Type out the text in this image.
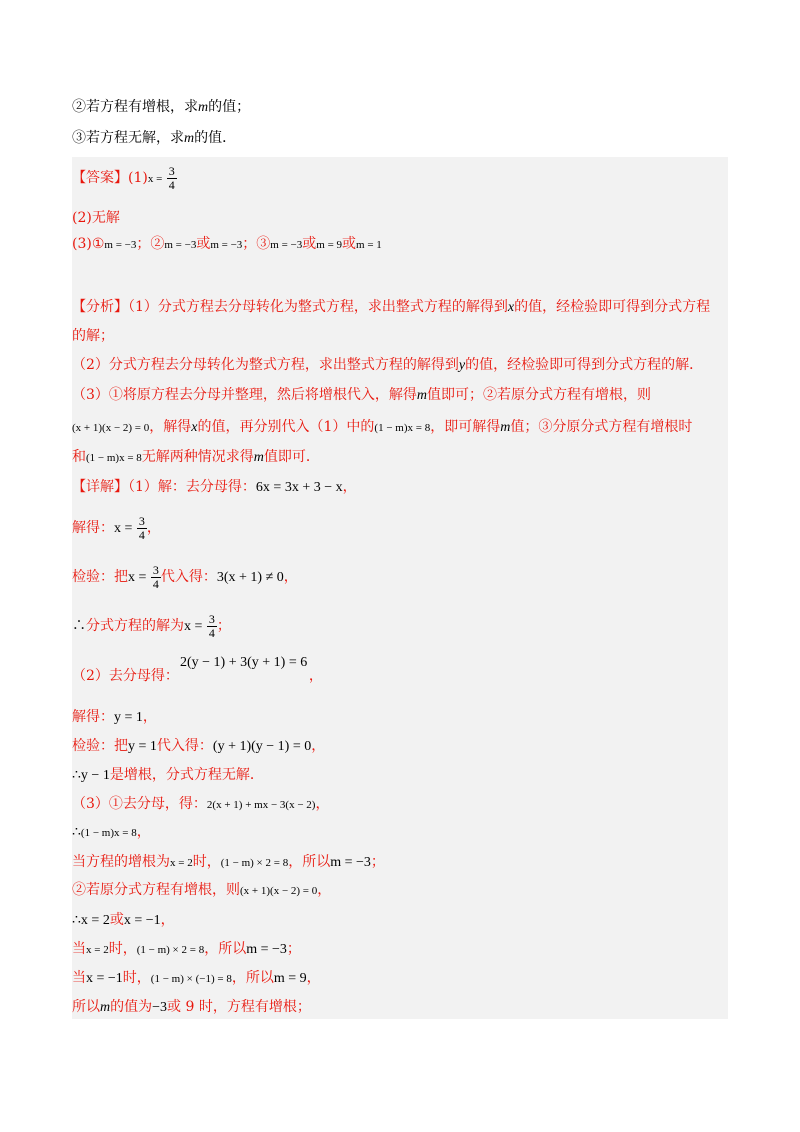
②若方程有增根，求m的值；
③若方程无解，求m的值．
【答案】$(1)x = \frac{3}{4}$
(2)无解
(3)①m = −3；②m = −3或m = −3；③m = −3或m = 9或m = 1
【分析】（1）分式方程去分母转化为整式方程，求出整式方程的解得到x的值，经检验即可得到分式方程
的解；
（2）分式方程去分母转化为整式方程，求出整式方程的解得到y的值，经检验即可得到分式方程的解．
（3）①将原方程去分母并整理，然后将增根代入，解得m值即可；②若原分式方程有增根，则
(x + 1)(x − 2) = 0，解得x的值，再分别代入（1）中的(1 − m)x = 8，即可解得m值；③分原分式方程有增根时
和(1 − m)x = 8无解两种情况求得m值即可．
【详解】（1）解：去分母得：6x = 3x + 3 − x，
解得：$x = \frac{3}{4}$ ，
检验：把$x = \frac{3}{4}$ 代入得：3(x + 1) ≠ 0，
∴分式方程的解为$x = \frac{3}{4}$ ；
2(y − 1) + 3(y + 1) = 6
（2）去分母得：	，
解得：y = 1，
检验：把y = 1代入得：(y + 1)(y − 1) = 0，
∴y − 1是增根，分式方程无解．
（3）①去分母，得：2(x + 1) + mx − 3(x − 2)，
∴(1 − m)x = 8，
当方程的增根为x = 2时，(1 − m) × 2 = 8，所以m = −3；
②若原分式方程有增根，则(x + 1)(x − 2) = 0，
∴x = 2或x = −1，
当x = 2时，(1 − m) × 2 = 8，所以m = −3；
当x = −1时，(1 − m) × (−1) = 8，所以m = 9，
所以m的值为−3或 9 时，方程有增根；
